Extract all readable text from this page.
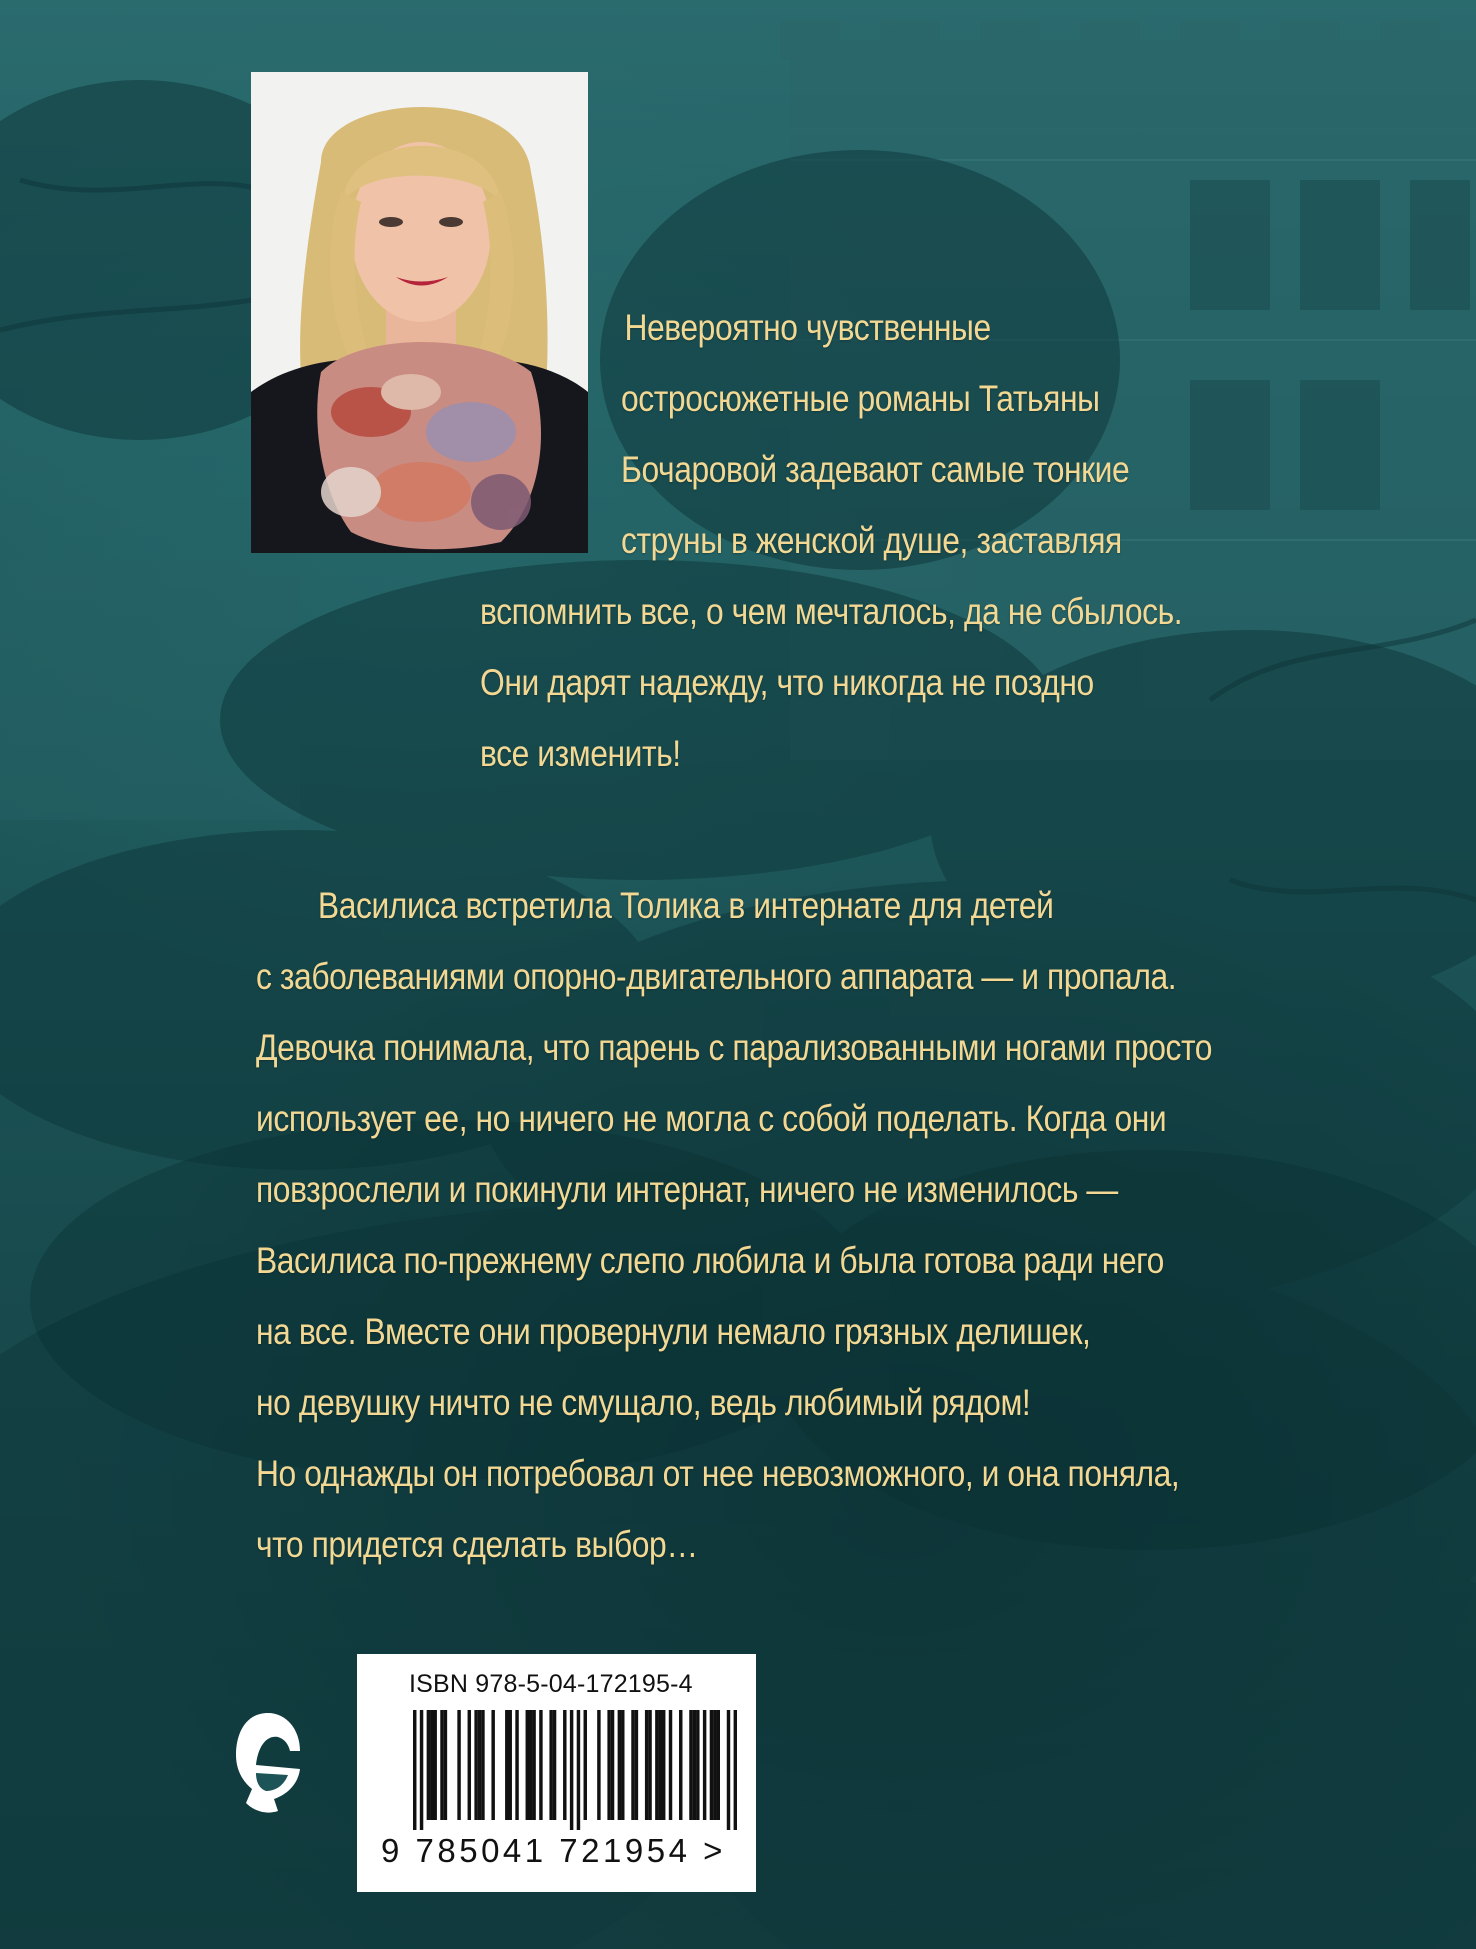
Невероятно чувственные
остросюжетные романы Татьяны
Бочаровой задевают самые тонкие
струны в женской душе, заставляя
вспомнить все, о чем мечталось, да не сбылось.
Они дарят надежду, что никогда не поздно
все изменить!
Василиса встретила Толика в интернате для детей
с заболеваниями опорно-двигательного аппарата — и пропала.
Девочка понимала, что парень с парализованными ногами просто
использует ее, но ничего не могла с собой поделать. Когда они
повзрослели и покинули интернат, ничего не изменилось —
Василиса по-прежнему слепо любила и была готова ради него
на все. Вместе они провернули немало грязных делишек,
но девушку ничто не смущало, ведь любимый рядом!
Но однажды он потребовал от нее невозможного, и она поняла,
что придется сделать выбор…
ISBN 978-5-04-172195-4
9 785041 721954 >
